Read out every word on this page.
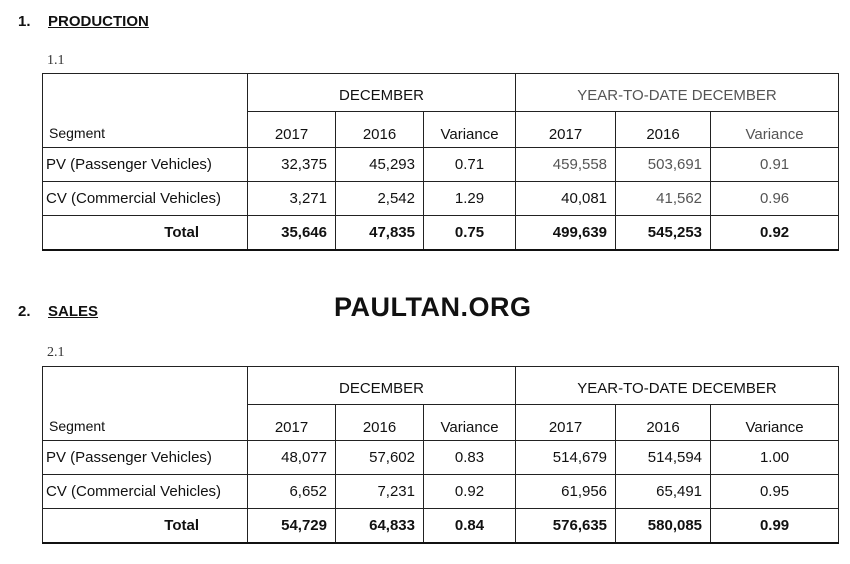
1. PRODUCTION
1.1
Segment	DECEMBER			YEAR-TO-DATE DECEMBER		
	2017	2016	Variance	2017	2016	Variance
PV (Passenger Vehicles)	32,375	45,293	0.71	459,558	503,691	0.91
CV (Commercial Vehicles)	3,271	2,542	1.29	40,081	41,562	0.96
Total	35,646	47,835	0.75	499,639	545,253	0.92
2. SALES	PAULTAN.ORG
2.1
Segment	DECEMBER			YEAR-TO-DATE DECEMBER		
	2017	2016	Variance	2017	2016	Variance
PV (Passenger Vehicles)	48,077	57,602	0.83	514,679	514,594	1.00
CV (Commercial Vehicles)	6,652	7,231	0.92	61,956	65,491	0.95
Total	54,729	64,833	0.84	576,635	580,085	0.99
